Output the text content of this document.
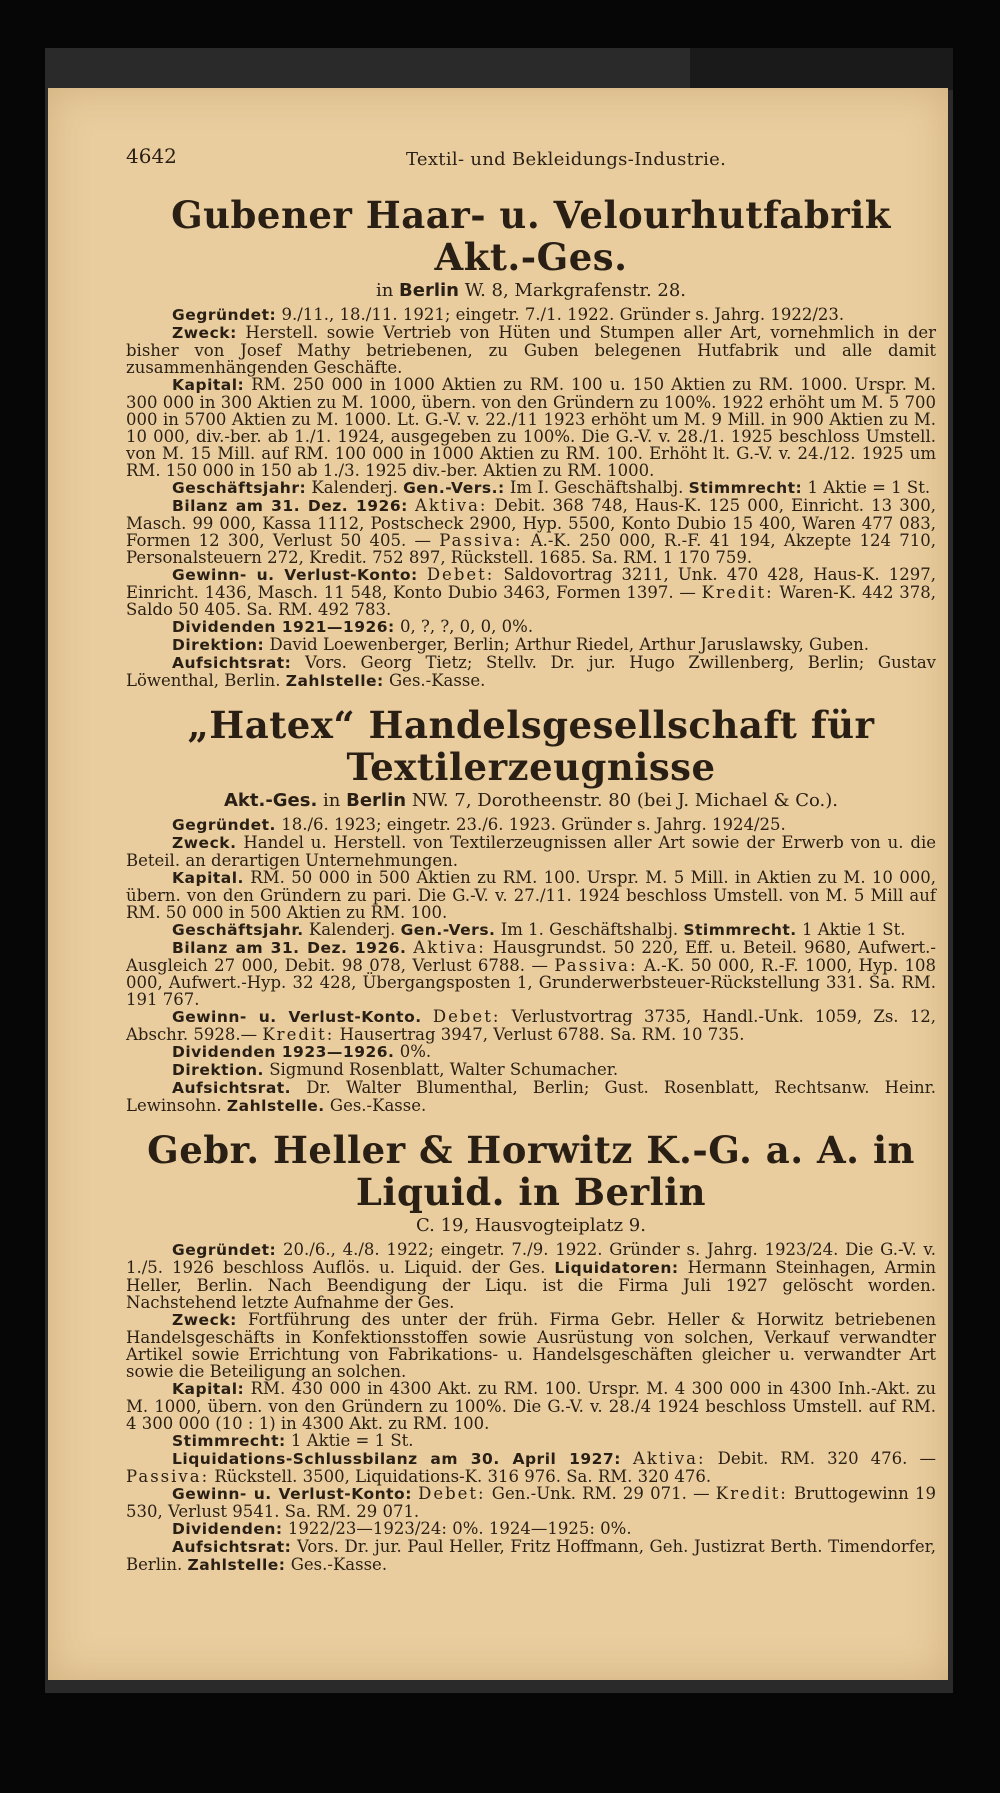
4642	Textil- und Bekleidungs-Industrie.
Gubener Haar- u. Velourhutfabrik Akt.-Ges.
in Berlin W. 8, Markgrafenstr. 28.

Gegründet: 9./11., 18./11. 1921; eingetr. 7./1. 1922. Gründer s. Jahrg. 1922/23.

Zweck: Herstell. sowie Vertrieb von Hüten und Stumpen aller Art, vornehmlich in der bisher von Josef Mathy betriebenen, zu Guben belegenen Hutfabrik und alle damit zusammenhängenden Geschäfte.

Kapital: RM. 250 000 in 1000 Aktien zu RM. 100 u. 150 Aktien zu RM. 1000. Urspr. M. 300 000 in 300 Aktien zu M. 1000, übern. von den Gründern zu 100%. 1922 erhöht um M. 5 700 000 in 5700 Aktien zu M. 1000. Lt. G.-V. v. 22./11 1923 erhöht um M. 9 Mill. in 900 Aktien zu M. 10 000, div.-ber. ab 1./1. 1924, ausgegeben zu 100%. Die G.-V. v. 28./1. 1925 beschloss Umstell. von M. 15 Mill. auf RM. 100 000 in 1000 Aktien zu RM. 100. Erhöht lt. G.-V. v. 24./12. 1925 um RM. 150 000 in 150 ab 1./3. 1925 div.-ber. Aktien zu RM. 1000.

Geschäftsjahr: Kalenderj. Gen.-Vers.: Im I. Geschäftshalbj. Stimmrecht: 1 Aktie = 1 St.

Bilanz am 31. Dez. 1926: Aktiva: Debit. 368 748, Haus-K. 125 000, Einricht. 13 300, Masch. 99 000, Kassa 1112, Postscheck 2900, Hyp. 5500, Konto Dubio 15 400, Waren 477 083, Formen 12 300, Verlust 50 405. — Passiva: A.-K. 250 000, R.-F. 41 194, Akzepte 124 710, Personalsteuern 272, Kredit. 752 897, Rückstell. 1685. Sa. RM. 1 170 759.

Gewinn- u. Verlust-Konto: Debet: Saldovortrag 3211, Unk. 470 428, Haus-K. 1297, Einricht. 1436, Masch. 11 548, Konto Dubio 3463, Formen 1397. — Kredit: Waren-K. 442 378, Saldo 50 405. Sa. RM. 492 783.

Dividenden 1921—1926: 0, ?, ?, 0, 0, 0%.

Direktion: David Loewenberger, Berlin; Arthur Riedel, Arthur Jaruslawsky, Guben.

Aufsichtsrat: Vors. Georg Tietz; Stellv. Dr. jur. Hugo Zwillenberg, Berlin; Gustav Löwenthal, Berlin. Zahlstelle: Ges.-Kasse.

„Hatex“ Handelsgesellschaft für Textilerzeugnisse
Akt.-Ges. in Berlin NW. 7, Dorotheenstr. 80 (bei J. Michael & Co.).

Gegründet. 18./6. 1923; eingetr. 23./6. 1923. Gründer s. Jahrg. 1924/25.

Zweck. Handel u. Herstell. von Textilerzeugnissen aller Art sowie der Erwerb von u. die Beteil. an derartigen Unternehmungen.

Kapital. RM. 50 000 in 500 Aktien zu RM. 100. Urspr. M. 5 Mill. in Aktien zu M. 10 000, übern. von den Gründern zu pari. Die G.-V. v. 27./11. 1924 beschloss Umstell. von M. 5 Mill auf RM. 50 000 in 500 Aktien zu RM. 100.

Geschäftsjahr. Kalenderj. Gen.-Vers. Im 1. Geschäftshalbj. Stimmrecht. 1 Aktie 1 St.

Bilanz am 31. Dez. 1926. Aktiva: Hausgrundst. 50 220, Eff. u. Beteil. 9680, Aufwert.-Ausgleich 27 000, Debit. 98 078, Verlust 6788. — Passiva: A.-K. 50 000, R.-F. 1000, Hyp. 108 000, Aufwert.-Hyp. 32 428, Übergangsposten 1, Grunderwerbsteuer-Rückstellung 331. Sa. RM. 191 767.

Gewinn- u. Verlust-Konto. Debet: Verlustvortrag 3735, Handl.-Unk. 1059, Zs. 12, Abschr. 5928.— Kredit: Hausertrag 3947, Verlust 6788. Sa. RM. 10 735.

Dividenden 1923—1926. 0%.

Direktion. Sigmund Rosenblatt, Walter Schumacher.

Aufsichtsrat. Dr. Walter Blumenthal, Berlin; Gust. Rosenblatt, Rechtsanw. Heinr. Lewinsohn. Zahlstelle. Ges.-Kasse.

Gebr. Heller & Horwitz K.-G. a. A. in Liquid. in Berlin
C. 19, Hausvogteiplatz 9.

Gegründet: 20./6., 4./8. 1922; eingetr. 7./9. 1922. Gründer s. Jahrg. 1923/24. Die G.-V. v. 1./5. 1926 beschloss Auflös. u. Liquid. der Ges. Liquidatoren: Hermann Steinhagen, Armin Heller, Berlin. Nach Beendigung der Liqu. ist die Firma Juli 1927 gelöscht worden. Nachstehend letzte Aufnahme der Ges.

Zweck: Fortführung des unter der früh. Firma Gebr. Heller & Horwitz betriebenen Handelsgeschäfts in Konfektionsstoffen sowie Ausrüstung von solchen, Verkauf verwandter Artikel sowie Errichtung von Fabrikations- u. Handelsgeschäften gleicher u. verwandter Art sowie die Beteiligung an solchen.

Kapital: RM. 430 000 in 4300 Akt. zu RM. 100. Urspr. M. 4 300 000 in 4300 Inh.-Akt. zu M. 1000, übern. von den Gründern zu 100%. Die G.-V. v. 28./4 1924 beschloss Umstell. auf RM. 4 300 000 (10 : 1) in 4300 Akt. zu RM. 100.

Stimmrecht: 1 Aktie = 1 St.

Liquidations-Schlussbilanz am 30. April 1927: Aktiva: Debit. RM. 320 476. — Passiva: Rückstell. 3500, Liquidations-K. 316 976. Sa. RM. 320 476.

Gewinn- u. Verlust-Konto: Debet: Gen.-Unk. RM. 29 071. — Kredit: Bruttogewinn 19 530, Verlust 9541. Sa. RM. 29 071.

Dividenden: 1922/23—1923/24: 0%. 1924—1925: 0%.

Aufsichtsrat: Vors. Dr. jur. Paul Heller, Fritz Hoffmann, Geh. Justizrat Berth. Timendorfer, Berlin. Zahlstelle: Ges.-Kasse.
